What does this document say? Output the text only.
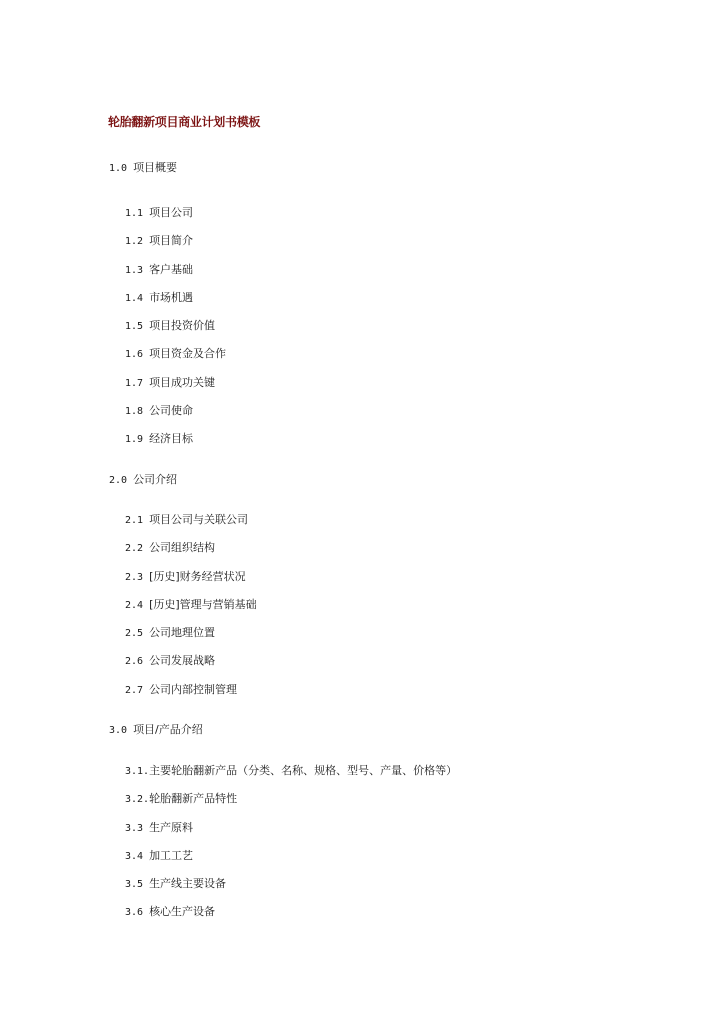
轮胎翻新项目商业计划书模板
1.0 项目概要
1.1 项目公司
1.2 项目简介
1.3 客户基础
1.4 市场机遇
1.5 项目投资价值
1.6 项目资金及合作
1.7 项目成功关键
1.8 公司使命
1.9 经济目标
2.0 公司介绍
2.1 项目公司与关联公司
2.2 公司组织结构
2.3 [历史]财务经营状况
2.4 [历史]管理与营销基础
2.5 公司地理位置
2.6 公司发展战略
2.7 公司内部控制管理
3.0 项目/产品介绍
3.1.主要轮胎翻新产品（分类、名称、规格、型号、产量、价格等）
3.2.轮胎翻新产品特性
3.3 生产原料
3.4 加工工艺
3.5 生产线主要设备
3.6 核心生产设备
